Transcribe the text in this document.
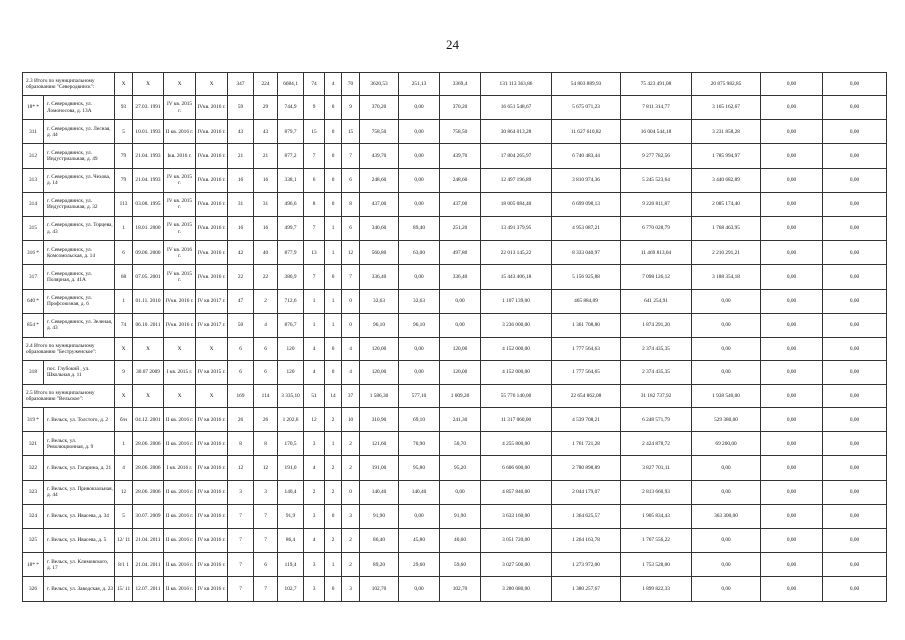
24
2.3 Итого по муниципальному образованию "Северодвинск":		X	X	X	X	347	224	6684,1	74	4	70	3620,53	251,13	3369,4	131 113 363,86	54 803 889,93	75 423 491,08	20 875 982,85	0,00	0,00
18* *	г. Северодвинск, ул. Ломоносова, д. 13А	93	27.03. 1991	IV кв. 2015 г.	IVкв. 2016 г.	59	29	744,9	9	0	9	370,20	0,00	370,20	16 651 548,67	5 675 071,23	7 811 314,77	3 165 162,67	0,00	0,00
311	г. Северодвинск, ул. Лесная, д. 44	5	10.01. 1993	II кв. 2016 г.	IVкв. 2016 г.	43	43	879,7	15	0	15	758,50	0,00	758,50	30 864 013,28	11 627 610,82	16 004 544,18	3 231 858,28	0,00	0,00
312	г. Северодвинск, ул. Индустриальная, д. 49	79	21.04. 1993	Ікв. 2016 г.	IVкв. 2016 г.	21	21	877,2	7	0	7	439,70	0,00	439,70	17 804 265,97	6 740 483,44	9 277 782,56	1 785 994,97	0,00	0,00
313	г. Северодвинск, ул. Чехова, д. 14	79	21.04. 1993	IV кв. 2015 г.	IVкв. 2016 г.	16	16	338,1	6	0	6	248,60	0,00	248,60	12 497 196,89	3 810 974,36	5 245 523,64	3 440 682,89	0,00	0,00
314	г. Северодвинск, ул. Индустриальная, д. 32	113	03.08. 1995	IV кв. 2015 г.	IVкв. 2016 г.	31	31	496,6	8	0	8	437,00	0,00	437,00	18 005 084,40	6 699 098,13	9 220 811,87	2 085 174,40	0,00	0,00
315	г. Северодвинск, ул. Торцева, д. 43	1	18.01. 2000	IV кв. 2015 г.	IVкв. 2016 г.	16	16	499,7	7	1	6	340,60	89,40	251,20	13 491 379,95	4 953 087,21	6 770 028,79	1 768 463,95	0,00	0,00
316 *	г. Северодвинск, ул. Комсомольская, д. 14	6	09.06. 2000	IV кв. 2016 г.	IVкв. 2016 г.	42	40	877,9	13	1	12	560,80	63,00	497,80	22 013 145,22	8 333 040,97	11 469 813,04	2 210 291,21	0,00	0,00
317	г. Северодвинск, ул. Полярная, д. 41А	68	07.05. 2001	IV кв. 2015 г.	IVкв. 2016 г.	22	22	380,9	7	0	7	336,40	0,00	336,40	15 443 406,18	5 156 925,88	7 098 126,12	3 188 354,18	0,00	0,00
640 *	г. Северодвинск, ул. Профсоюзная, д. 6	1	01.11. 2010	IVкв. 2016 г.	IV кв 2017 г.	47	2	712,6	1	1	0	32,63	32,63	0,00	1 107 139,00	465 884,09	641 254,91	0,00	0,00	0,00
854 *	г. Северодвинск, ул. Зеленая, д. 43	74	06.10. 2011	IVкв. 2016 г.	IV кв 2017 г.	50	4	876,7	1	1	0	96,10	96,10	0,00	3 236 000,00	1 361 708,80	1 874 291,20	0,00	0,00	0,00
2.4 Итого по муниципальному образованию "Беструженское":		X	X	X	X	6	6	120	4	0	4	120,00	0,00	120,00	4 152 000,00	1 777 564,63	2 374 435,35	0,00	0,00	0,00
318	пос. Глубокий , ул. Школьная д. 11	9	30.07 2009	I кв. 2015 г.	IV кв 2015 г.	6	6	120	4	0	4	120,00	0,00	120,00	4 152 000,00	1 777 564,65	2 374 435,35	0,00	0,00	0,00
2.5 Итого по муниципальному образованию "Вельское":		X	X	X	X	169	114	3 335,10	51	14	37	1 586,30	577,10	1 009,20	55 776 140,00	22 654 862,08	31 182 737,92	1 938 540,00	0,00	0,00
319 *	г. Вельск, ул. Толстого, д. 2	б/н	04.12. 2001	II кв. 2016 г.	IV кв 2016 г.	26	26	1 202,6	12	2	10	310,90	69,10	241,30	11 317 060,00	4 539 708,21	6 248 571,79	529 380,00	0,00	0,00
321	г. Вельск, ул. Революционная, д. 9	1	28.06. 2006	II кв. 2016 г.	IV кв 2016 г.	8	8	170,5	3	1	2	121,60	70,90	50,70	4 255 800,00	1 761 721,28	2 424 878,72	69 200,00	0,00	0,00
322	г. Вельск, ул. Гагарина, д. 21	4	28.06. 2006	I кв. 2016 г.	IV кв 2016 г.	12	12	191,0	4	2	2	191,00	95,80	95,20	6 606 600,00	2 780 898,89	3 827 701,11	0,00	0,00	0,00
323	г. Вельск, ул. Привокзальная, д. 44	12	28.06. 2006	II кв. 2016 г.	IV кв 2016 г.	3	3	140,4	2	2	0	140,40	140,40	0,00	4 857 840,00	2 044 179,07	2 813 660,93	0,00	0,00	0,00
324	г. Вельск, ул. Ивасева, д. 34	5	30.07. 2009	II кв. 2016 г.	IV кв 2016 г.	7	7	91,9	3	0	3	91,90	0,00	91,90	3 633 160,00	1 364 625,57	1 905 834,43	363 300,00	0,00	0,00
325	г. Вельск, ул. Ивасева, д. 5	12/ 11	21.04. 2011	II кв. 2016 г.	IV кв 2016 г.	7	7	86,4	4	2	2	86,40	45,80	40,60	3 051 720,00	1 264 163,78	1 767 556,22	0,00	0,00	0,00
18* *	г. Вельск, ул. Климовского, д. 17	8/1 1	21.04. 2011	II кв. 2016 г.	IV кв 2016 г.	7	6	119,4	3	1	2	89,20	29,60	59,60	3 027 500,00	1 273 972,00	1 753 528,00	0,00	0,00	0,00
326	г. Вельск, ул. Заводская, д. 23	15/ 11	12.07. 2011	II кв. 2016 г.	IV кв 2016 г.	7	7	102,7	3	0	3	102,70	0,00	102,70	3 280 080,00	1 380 257,67	1 899 822,33	0,00	0,00	0,00
